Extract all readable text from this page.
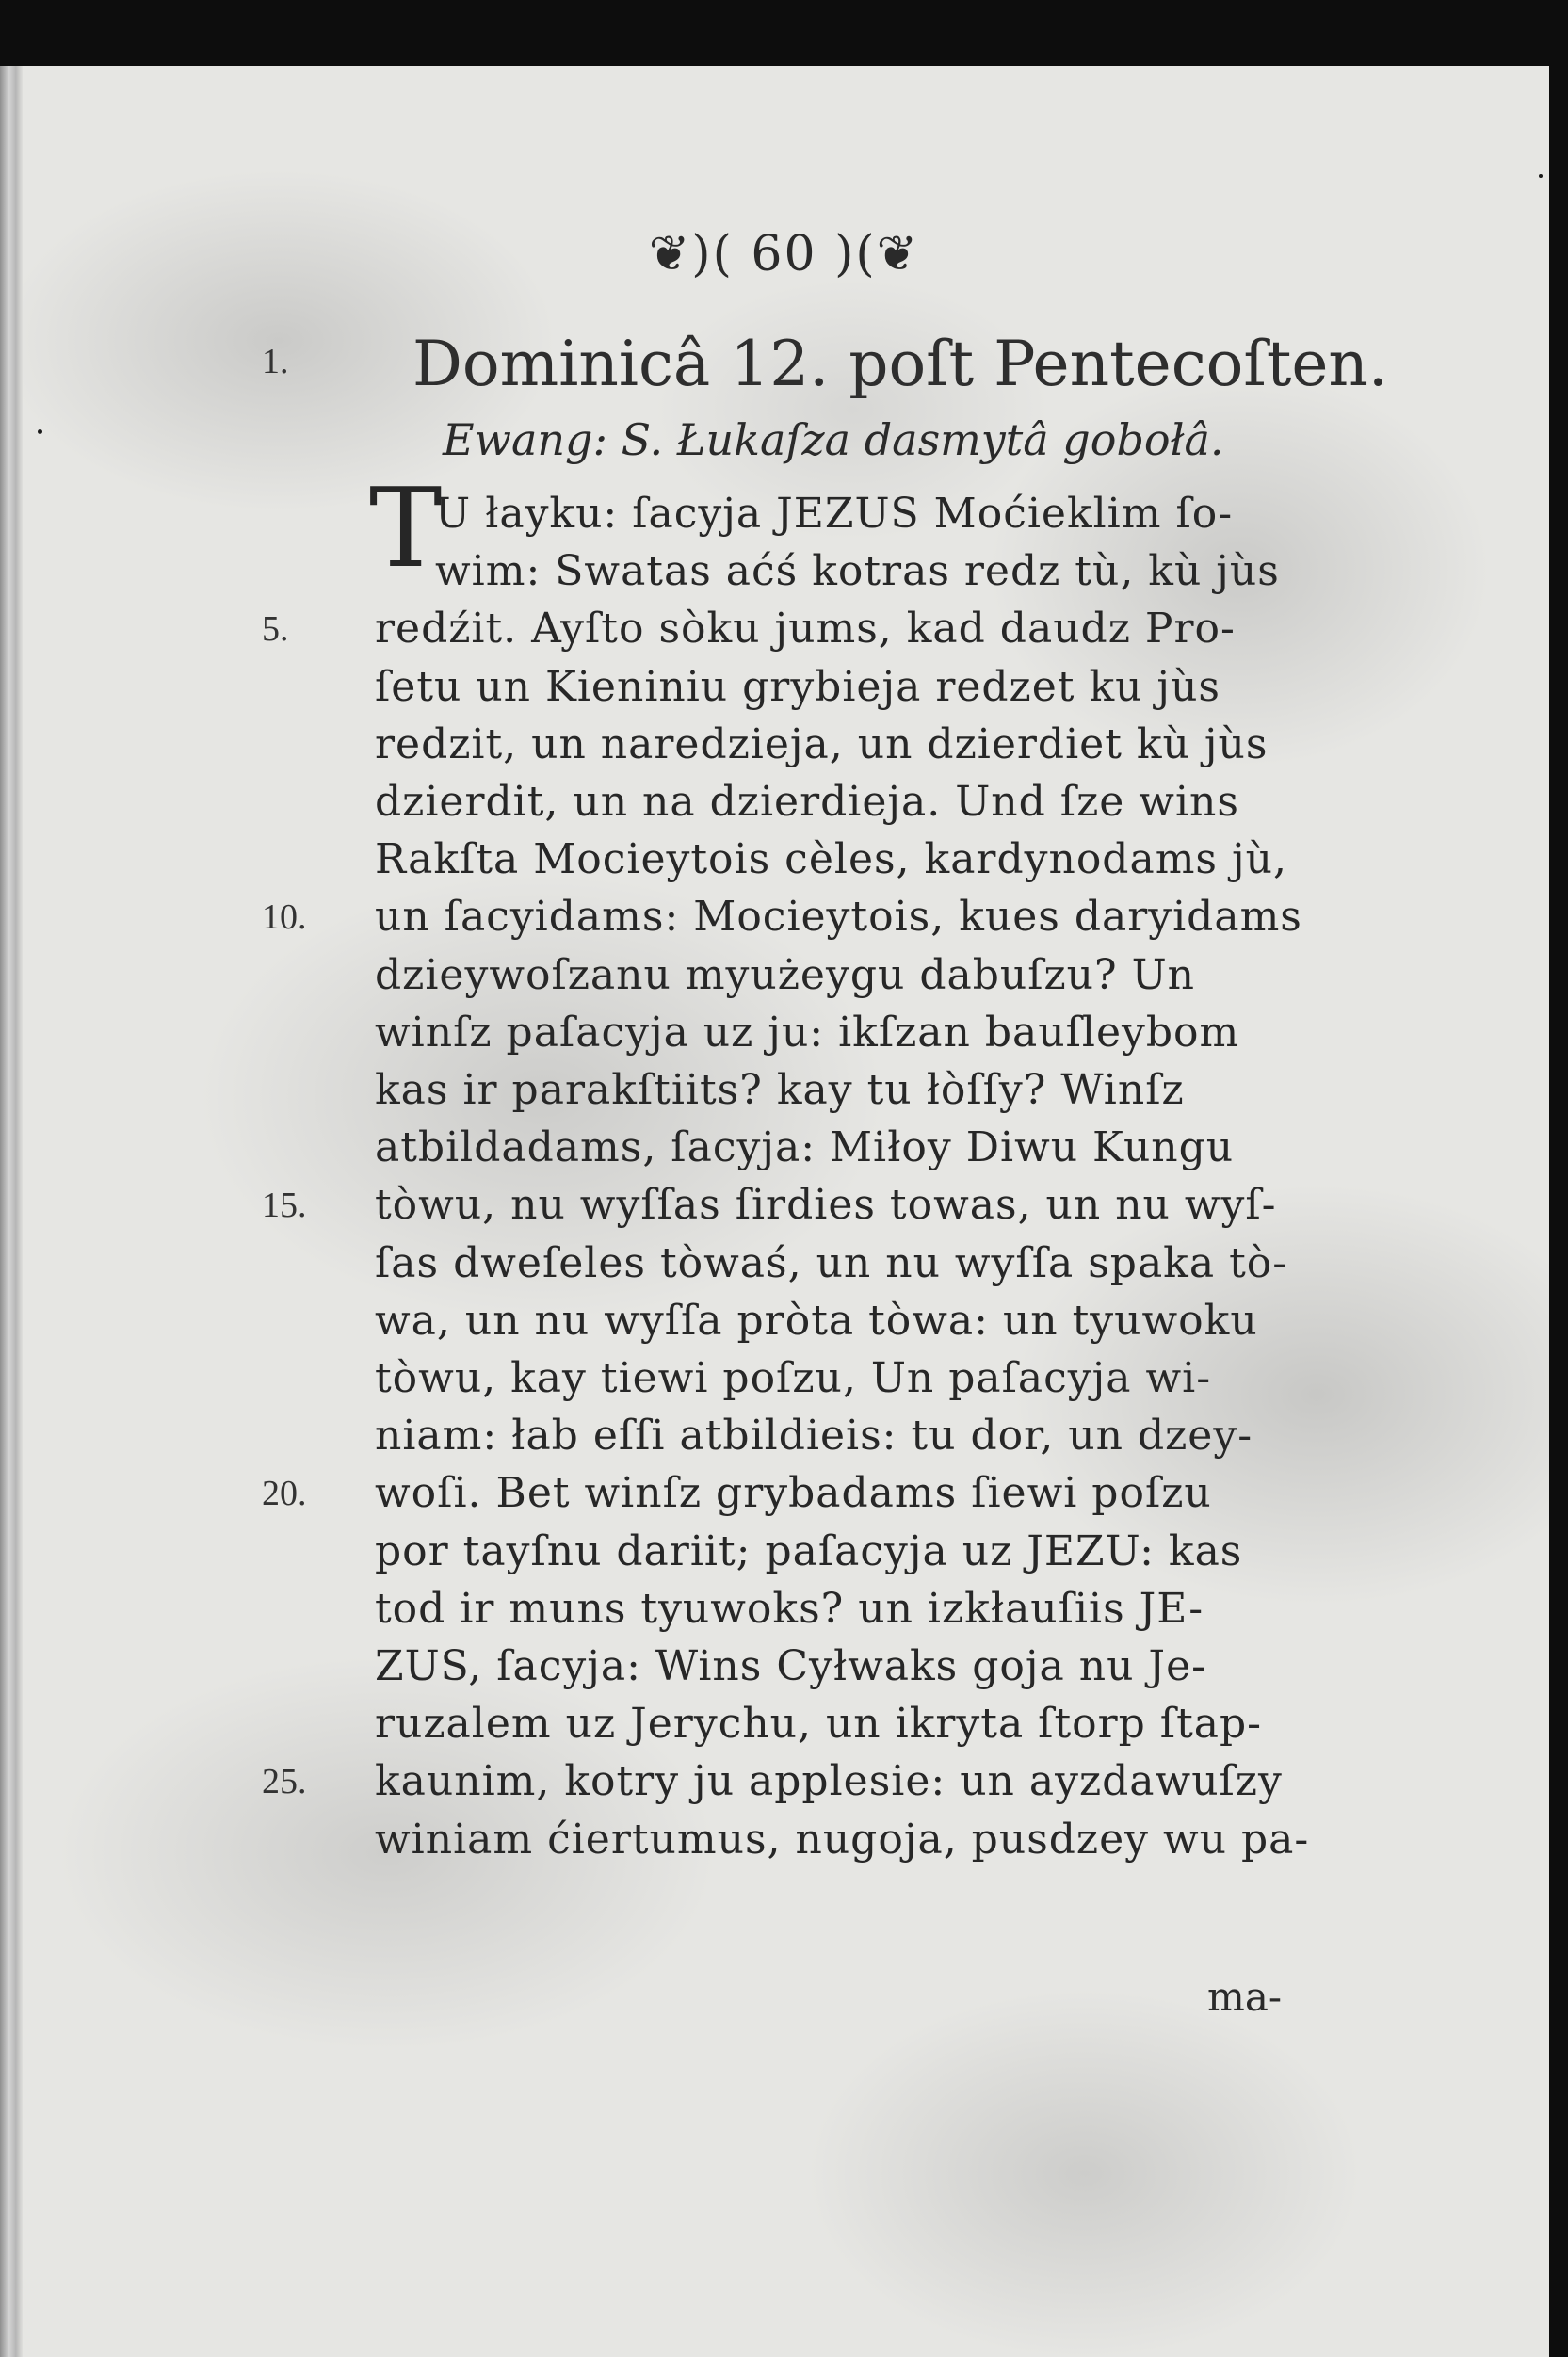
❦)( 60 )(❦
1. Dominicâ 12. poſt Pentecoſten.
Ewang: S. Łukaſza dasmytâ gobołâ.
T
U łayku: ſacyja JEZUS Moćieklim ſo-
wim: Swatas aćś kotras redz tù, kù jùs
redźit. Ayſto sòku jums, kad daudz Pro-
5.
ſetu un Kieniniu grybieja redzet ku jùs
redzit, un naredzieja, un dzierdiet kù jùs
dzierdit, un na dzierdieja. Und ſze wins
Rakſta Mocieytois cèles, kardynodams jù,
un ſacyidams: Mocieytois, kues daryidams
10.
dzieywoſzanu myużeygu dabuſzu? Un
winſz paſacyja uz ju: ikſzan bauſleybom
kas ir parakſtiits? kay tu łòſſy? Winſz
atbildadams, ſacyja: Miłoy Diwu Kungu
tòwu, nu wyſſas ſirdies towas, un nu wyſ-
15.
ſas dweſeles tòwaś, un nu wyſſa spaka tò-
wa, un nu wyſſa pròta tòwa: un tyuwoku
tòwu, kay tiewi poſzu, Un paſacyja wi-
niam: łab eſſi atbildieis: tu dor, un dzey-
woſi. Bet winſz grybadams ſiewi poſzu
20.
por tayſnu dariit; paſacyja uz JEZU: kas
tod ir muns tyuwoks? un izkłauſiis JE-
ZUS, ſacyja: Wins Cyłwaks goja nu Je-
ruzalem uz Jerychu, un ikryta ſtorp ſtap-
kaunim, kotry ju applesie: un ayzdawuſzy
25.
winiam ćiertumus, nugoja, pusdzey wu pa-
ma-
